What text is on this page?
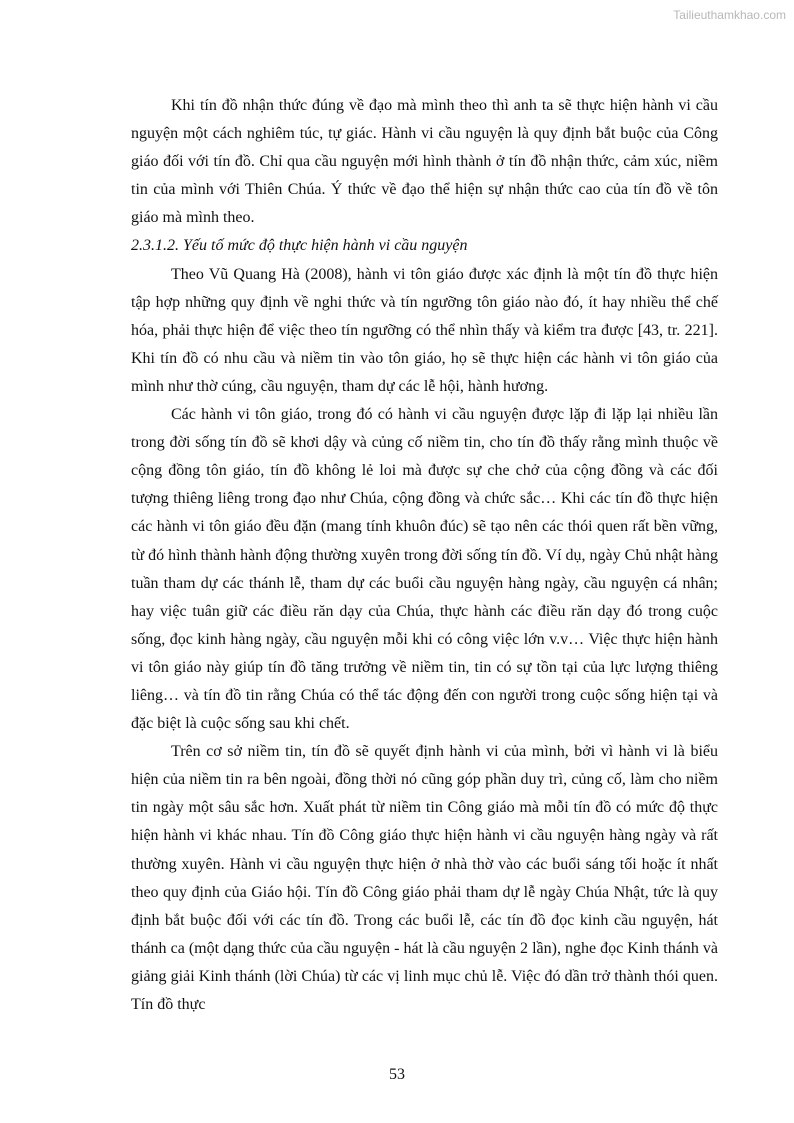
Tailieuthamkhao.com

Khi tín đồ nhận thức đúng về đạo mà mình theo thì anh ta sẽ thực hiện hành vi cầu nguyện một cách nghiêm túc, tự giác. Hành vi cầu nguyện là quy định bắt buộc của Công giáo đối với tín đồ. Chỉ qua cầu nguyện mới hình thành ở tín đồ nhận thức, cảm xúc, niềm tin của mình với Thiên Chúa. Ý thức về đạo thể hiện sự nhận thức cao của tín đồ về tôn giáo mà mình theo.

2.3.1.2. Yếu tố mức độ thực hiện hành vi cầu nguyện

Theo Vũ Quang Hà (2008), hành vi tôn giáo được xác định là một tín đồ thực hiện tập hợp những quy định về nghi thức và tín ngưỡng tôn giáo nào đó, ít hay nhiều thể chế hóa, phải thực hiện để việc theo tín ngưỡng có thể nhìn thấy và kiểm tra được [43, tr. 221]. Khi tín đồ có nhu cầu và niềm tin vào tôn giáo, họ sẽ thực hiện các hành vi tôn giáo của mình như thờ cúng, cầu nguyện, tham dự các lễ hội, hành hương.

Các hành vi tôn giáo, trong đó có hành vi cầu nguyện được lặp đi lặp lại nhiều lần trong đời sống tín đồ sẽ khơi dậy và củng cố niềm tin, cho tín đồ thấy rằng mình thuộc về cộng đồng tôn giáo, tín đồ không lẻ loi mà được sự che chở của cộng đồng và các đối tượng thiêng liêng trong đạo như Chúa, cộng đồng và chức sắc… Khi các tín đồ thực hiện các hành vi tôn giáo đều đặn (mang tính khuôn đúc) sẽ tạo nên các thói quen rất bền vững, từ đó hình thành hành động thường xuyên trong đời sống tín đồ. Ví dụ, ngày Chủ nhật hàng tuần tham dự các thánh lễ, tham dự các buổi cầu nguyện hàng ngày, cầu nguyện cá nhân; hay việc tuân giữ các điều răn dạy của Chúa, thực hành các điều răn dạy đó trong cuộc sống, đọc kinh hàng ngày, cầu nguyện mỗi khi có công việc lớn v.v… Việc thực hiện hành vi tôn giáo này giúp tín đồ tăng trưởng về niềm tin, tin có sự tồn tại của lực lượng thiêng liêng… và tín đồ tin rằng Chúa có thể tác động đến con người trong cuộc sống hiện tại và đặc biệt là cuộc sống sau khi chết.

Trên cơ sở niềm tin, tín đồ sẽ quyết định hành vi của mình, bởi vì hành vi là biểu hiện của niềm tin ra bên ngoài, đồng thời nó cũng góp phần duy trì, củng cố, làm cho niềm tin ngày một sâu sắc hơn. Xuất phát từ niềm tin Công giáo mà mỗi tín đồ có mức độ thực hiện hành vi khác nhau. Tín đồ Công giáo thực hiện hành vi cầu nguyện hàng ngày và rất thường xuyên. Hành vi cầu nguyện thực hiện ở nhà thờ vào các buổi sáng tối hoặc ít nhất theo quy định của Giáo hội. Tín đồ Công giáo phải tham dự lễ ngày Chúa Nhật, tức là quy định bắt buộc đối với các tín đồ. Trong các buổi lễ, các tín đồ đọc kinh cầu nguyện, hát thánh ca (một dạng thức của cầu nguyện - hát là cầu nguyện 2 lần), nghe đọc Kinh thánh và giảng giải Kinh thánh (lời Chúa) từ các vị linh mục chủ lễ. Việc đó dần trở thành thói quen. Tín đồ thực

53
